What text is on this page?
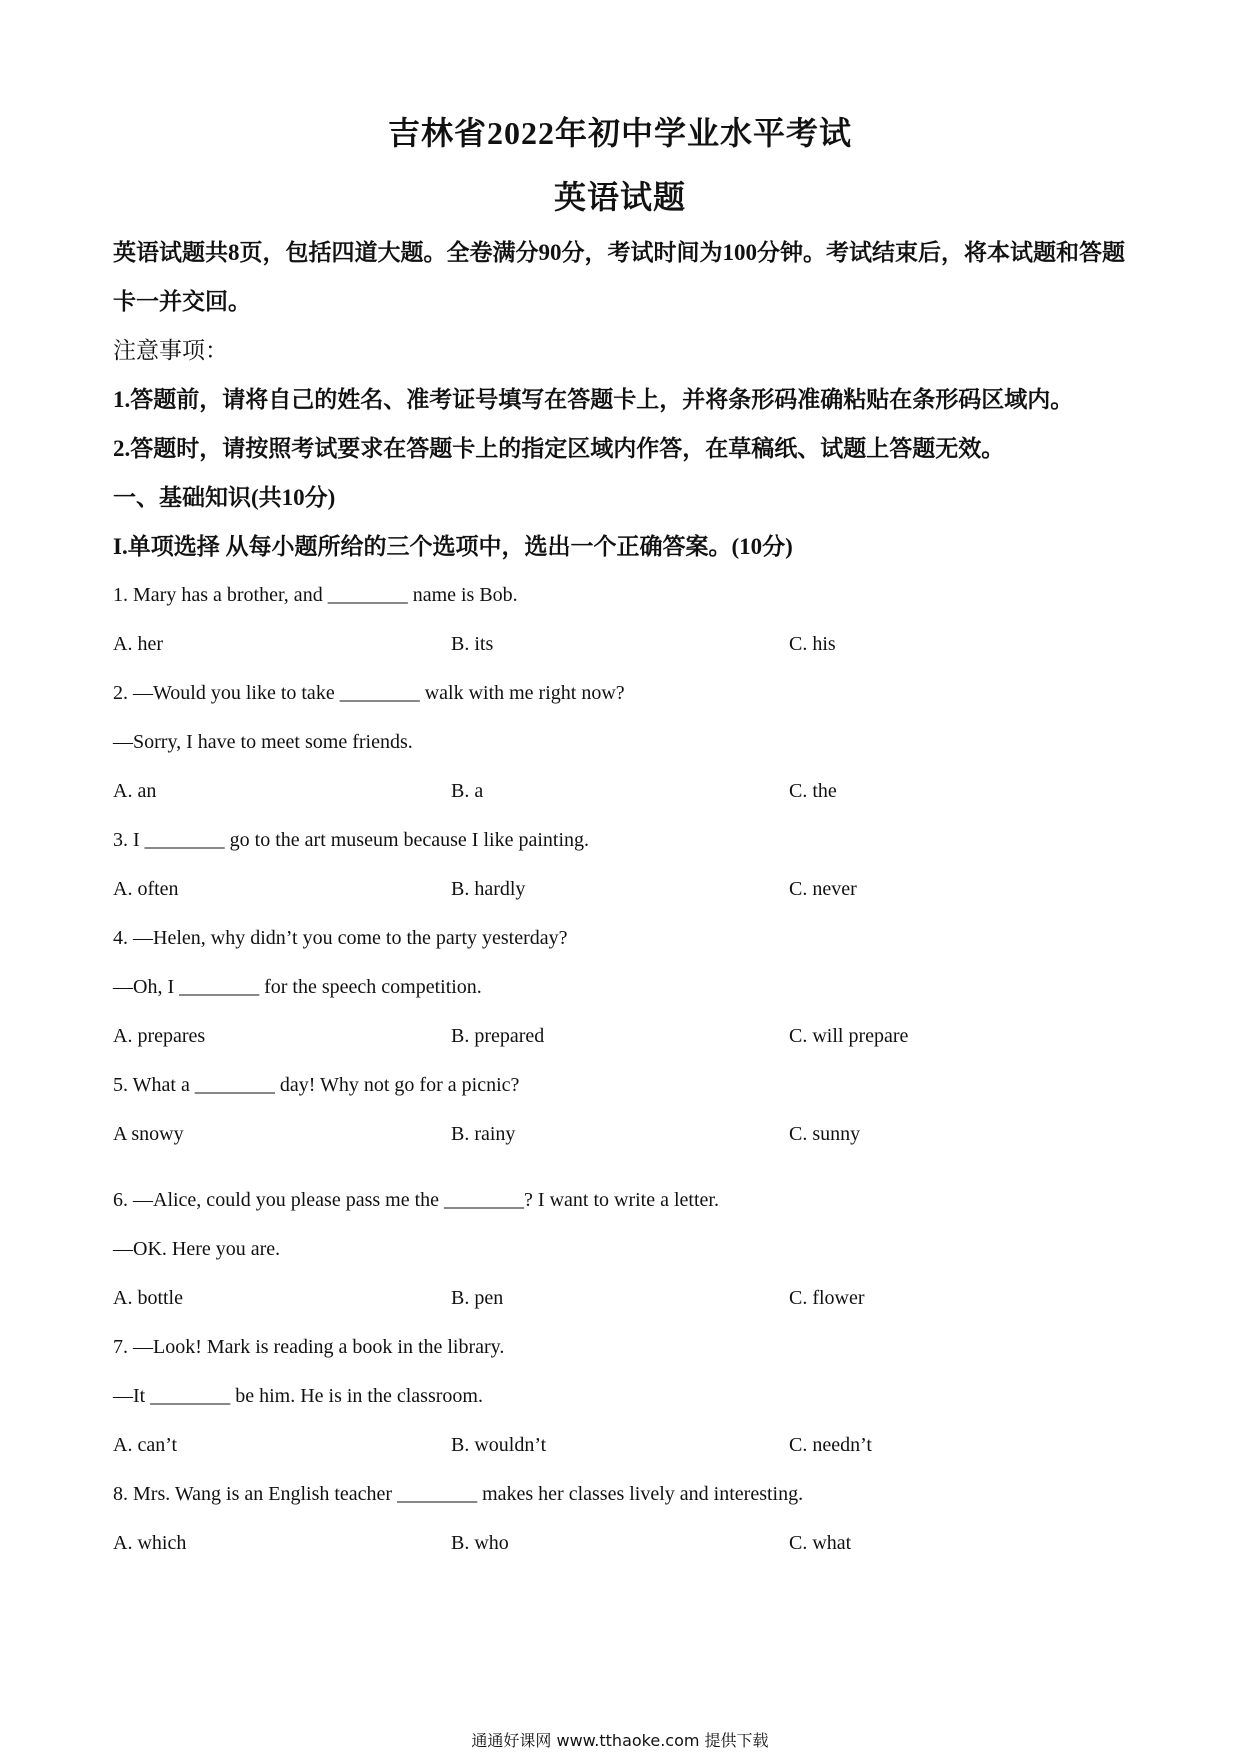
吉林省2022年初中学业水平考试
英语试题
英语试题共8页，包括四道大题。全卷满分90分，考试时间为100分钟。考试结束后，将本试题和答题卡一并交回。
注意事项：
1.答题前，请将自己的姓名、准考证号填写在答题卡上，并将条形码准确粘贴在条形码区域内。
2.答题时，请按照考试要求在答题卡上的指定区域内作答，在草稿纸、试题上答题无效。
一、基础知识(共10分)
I.单项选择 从每小题所给的三个选项中，选出一个正确答案。(10分)
1. Mary has a brother, and ________ name is Bob.
A. her	B. its	C. his
2. —Would you like to take ________ walk with me right now?
—Sorry, I have to meet some friends.
A. an	B. a	C. the
3. I ________ go to the art museum because I like painting.
A. often	B. hardly	C. never
4. —Helen, why didn’t you come to the party yesterday?
—Oh, I ________ for the speech competition.
A. prepares	B. prepared	C. will prepare
5. What a ________ day! Why not go for a picnic?
A snowy	B. rainy	C. sunny
6. —Alice, could you please pass me the ________? I want to write a letter.
—OK. Here you are.
A. bottle	B. pen	C. flower
7. —Look! Mark is reading a book in the library.
—It ________ be him. He is in the classroom.
A. can’t	B. wouldn’t	C. needn’t
8. Mrs. Wang is an English teacher ________ makes her classes lively and interesting.
A. which	B. who	C. what
通通好课网 www.tthaoke.com 提供下载
